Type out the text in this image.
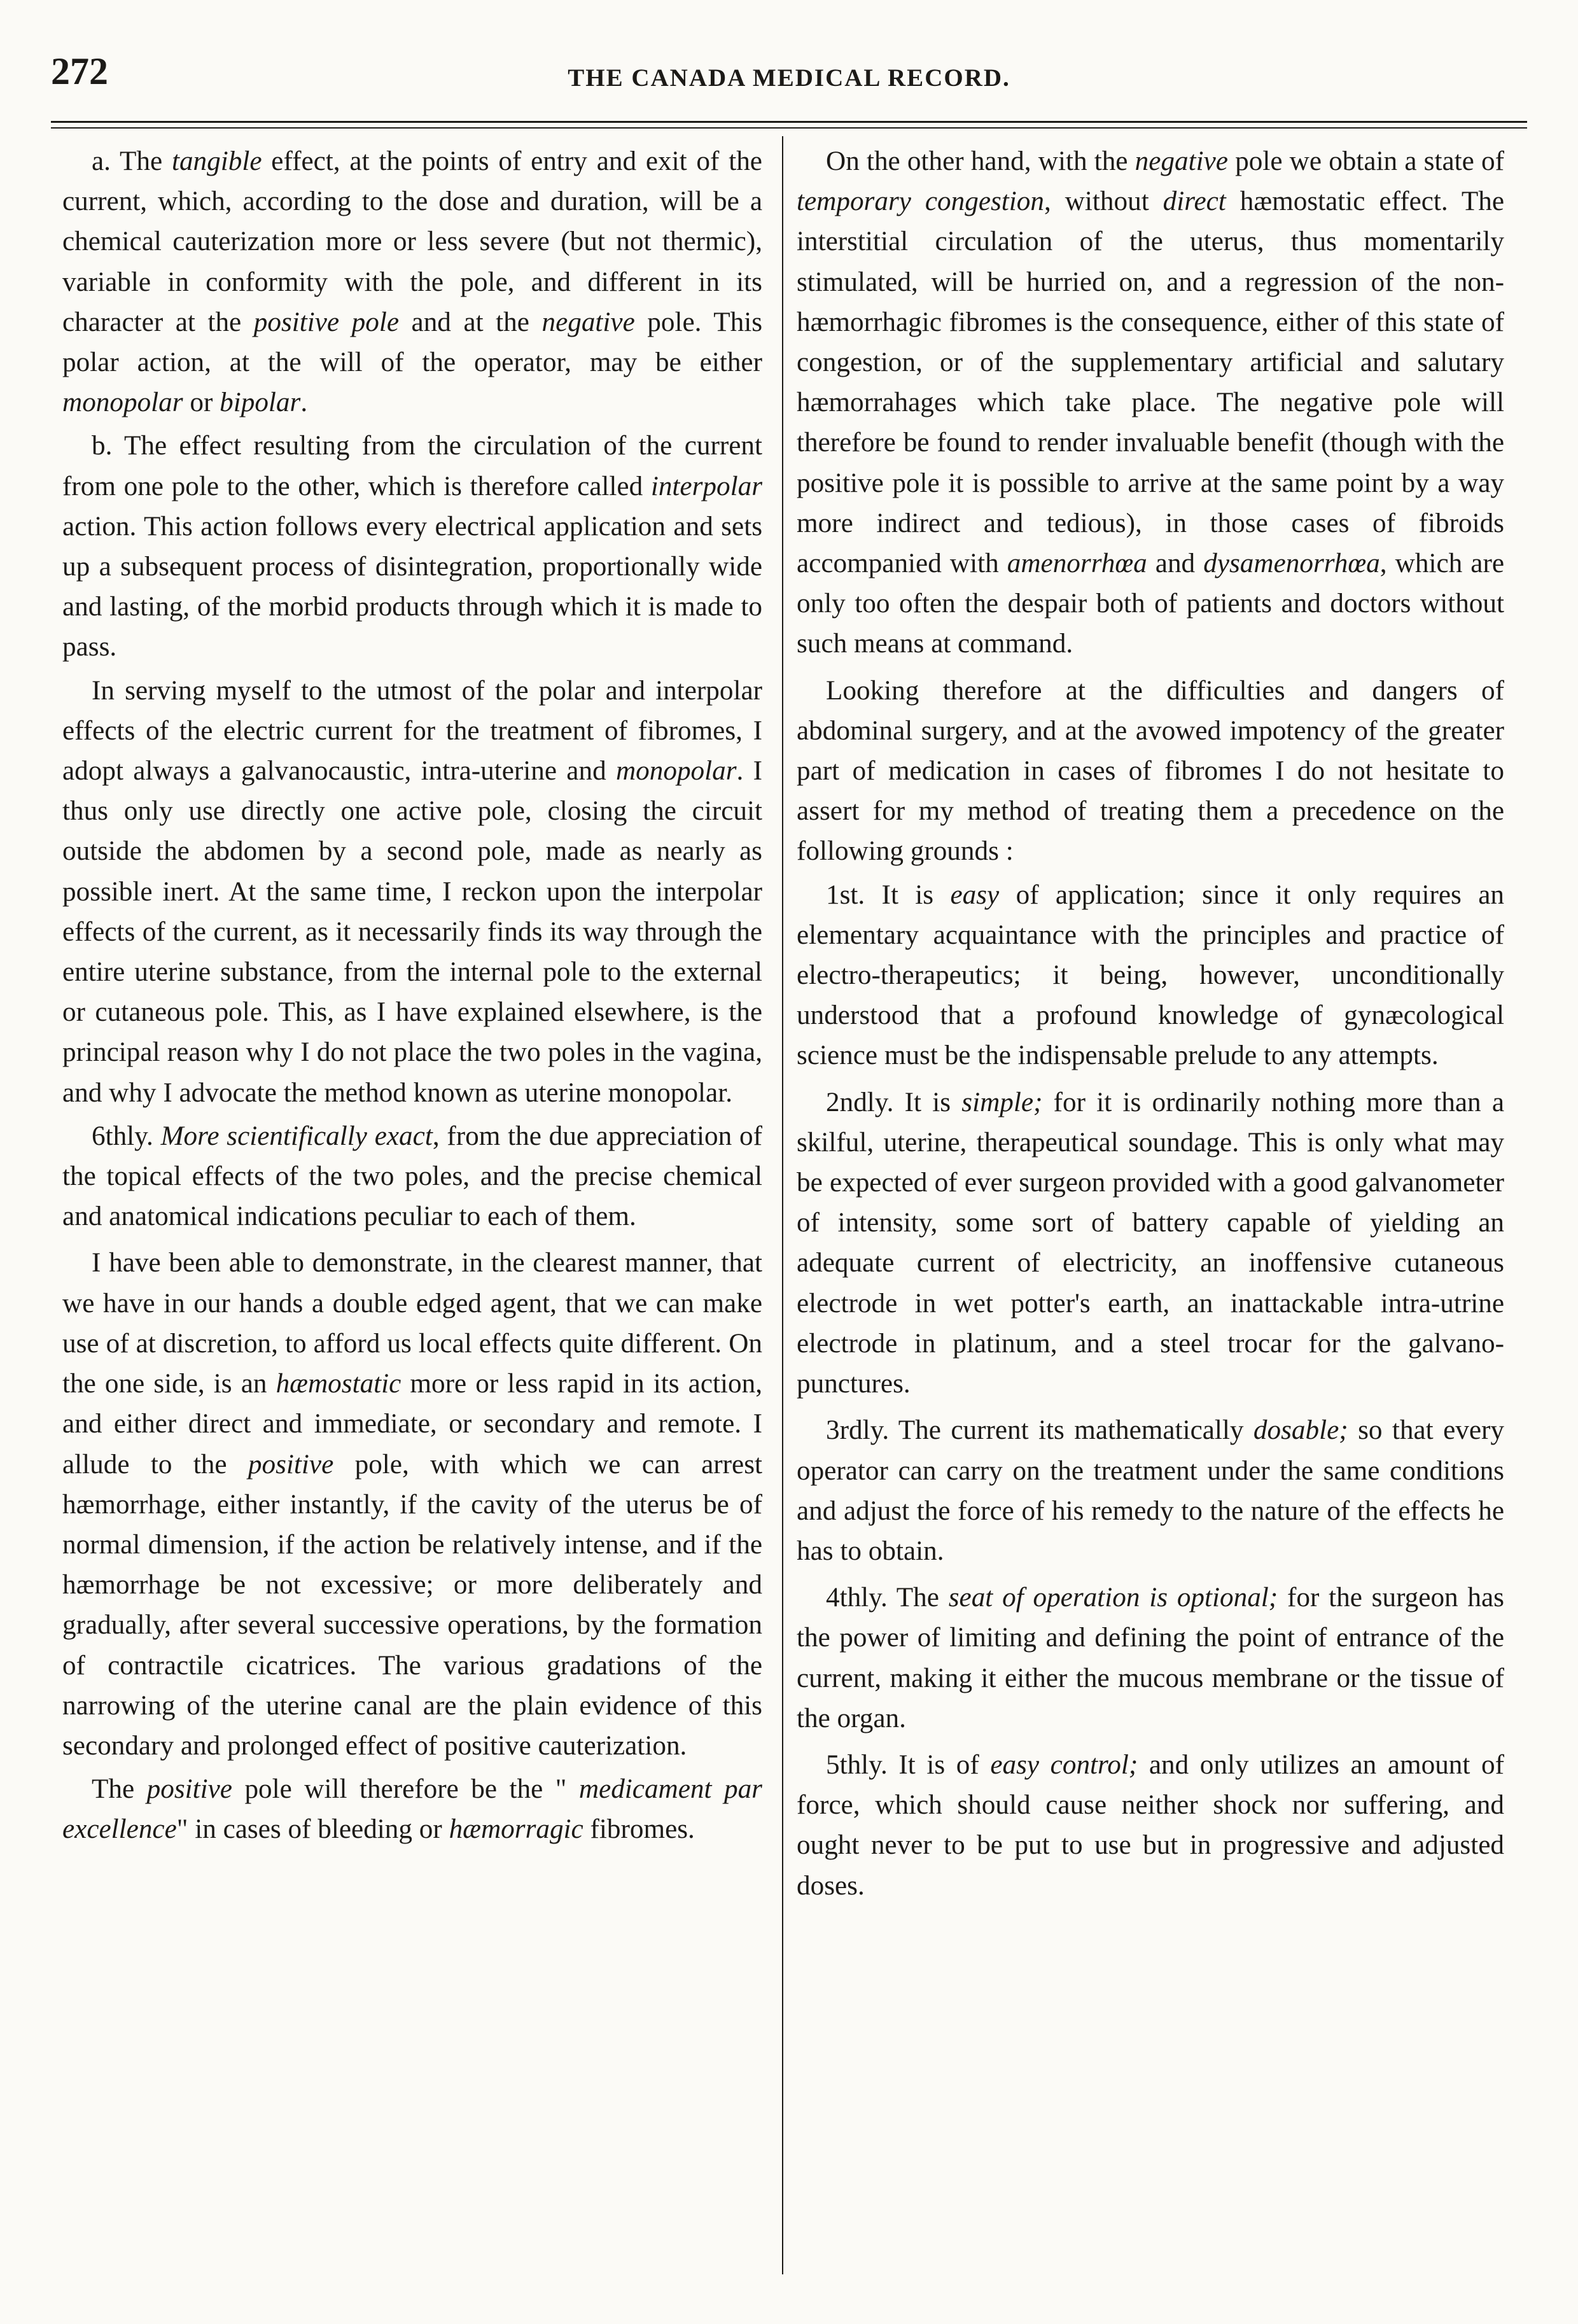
272	THE CANADA MEDICAL RECORD.

a. The tangible effect, at the points of entry and exit of the current, which, according to the dose and duration, will be a chemical cauterization more or less severe (but not thermic), variable in conformity with the pole, and different in its character at the positive pole and at the negative pole. This polar action, at the will of the operator, may be either monopolar or bipolar.

b. The effect resulting from the circulation of the current from one pole to the other, which is therefore called interpolar action. This action follows every electrical application and sets up a subsequent process of disintegration, proportionally wide and lasting, of the morbid products through which it is made to pass.

In serving myself to the utmost of the polar and interpolar effects of the electric current for the treatment of fibromes, I adopt always a galvanocaustic, intra-uterine and monopolar. I thus only use directly one active pole, closing the circuit outside the abdomen by a second pole, made as nearly as possible inert. At the same time, I reckon upon the interpolar effects of the current, as it necessarily finds its way through the entire uterine substance, from the internal pole to the external or cutaneous pole. This, as I have explained elsewhere, is the principal reason why I do not place the two poles in the vagina, and why I advocate the method known as uterine monopolar.

6thly. More scientifically exact, from the due appreciation of the topical effects of the two poles, and the precise chemical and anatomical indications peculiar to each of them.

I have been able to demonstrate, in the clearest manner, that we have in our hands a double edged agent, that we can make use of at discretion, to afford us local effects quite different. On the one side, is an hæmostatic more or less rapid in its action, and either direct and immediate, or secondary and remote. I allude to the positive pole, with which we can arrest hæmorrhage, either instantly, if the cavity of the uterus be of normal dimension, if the action be relatively intense, and if the hæmorrhage be not excessive; or more deliberately and gradually, after several successive operations, by the formation of contractile cicatrices. The various gradations of the narrowing of the uterine canal are the plain evidence of this secondary and prolonged effect of positive cauterization.

The positive pole will therefore be the " medicament par excellence" in cases of bleeding or hæmorragic fibromes.

On the other hand, with the negative pole we obtain a state of temporary congestion, without direct hæmostatic effect. The interstitial circulation of the uterus, thus momentarily stimulated, will be hurried on, and a regression of the non-hæmorrhagic fibromes is the consequence, either of this state of congestion, or of the supplementary artificial and salutary hæmorrahages which take place. The negative pole will therefore be found to render invaluable benefit (though with the positive pole it is possible to arrive at the same point by a way more indirect and tedious), in those cases of fibroids accompanied with amenorrhœa and dysamenorrhœa, which are only too often the despair both of patients and doctors without such means at command.

Looking therefore at the difficulties and dangers of abdominal surgery, and at the avowed impotency of the greater part of medication in cases of fibromes I do not hesitate to assert for my method of treating them a precedence on the following grounds :

1st. It is easy of application; since it only requires an elementary acquaintance with the principles and practice of electro-therapeutics; it being, however, unconditionally understood that a profound knowledge of gynæcological science must be the indispensable prelude to any attempts.

2ndly. It is simple; for it is ordinarily nothing more than a skilful, uterine, therapeutical soundage. This is only what may be expected of ever surgeon provided with a good galvanometer of intensity, some sort of battery capable of yielding an adequate current of electricity, an inoffensive cutaneous electrode in wet potter's earth, an inattackable intra-utrine electrode in platinum, and a steel trocar for the galvano-punctures.

3rdly. The current its mathematically dosable; so that every operator can carry on the treatment under the same conditions and adjust the force of his remedy to the nature of the effects he has to obtain.

4thly. The seat of operation is optional; for the surgeon has the power of limiting and defining the point of entrance of the current, making it either the mucous membrane or the tissue of the organ.

5thly. It is of easy control; and only utilizes an amount of force, which should cause neither shock nor suffering, and ought never to be put to use but in progressive and adjusted doses.
